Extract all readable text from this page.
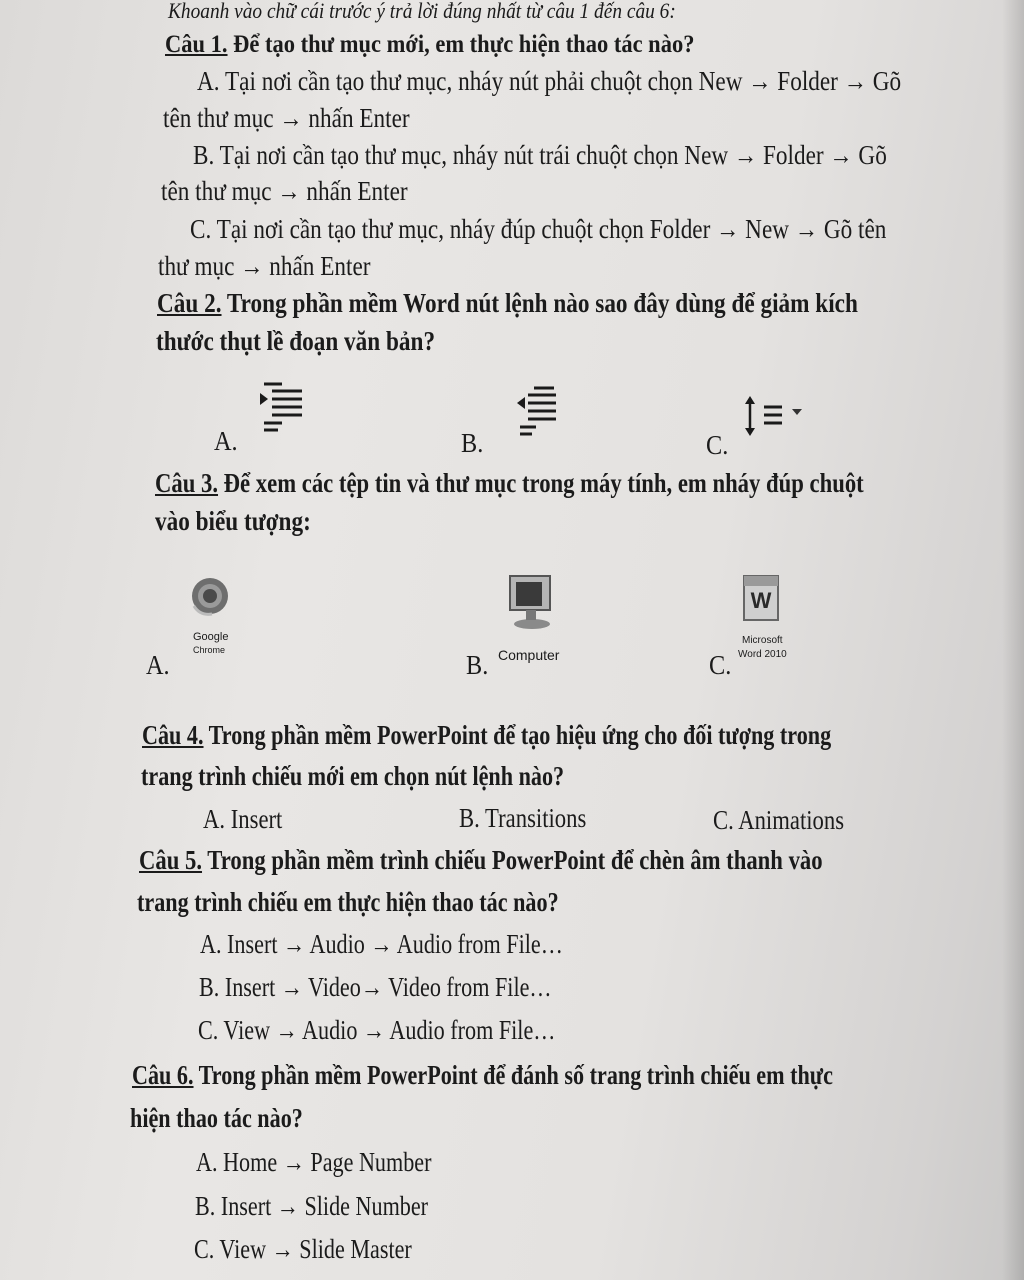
Khoanh vào chữ cái trước ý trả lời đúng nhất từ câu 1 đến câu 6:
Câu 1. Để tạo thư mục mới, em thực hiện thao tác nào?
A. Tại nơi cần tạo thư mục, nháy nút phải chuột chọn New → Folder → Gõ
tên thư mục → nhấn Enter
B. Tại nơi cần tạo thư mục, nháy nút trái chuột chọn New → Folder → Gõ
tên thư mục → nhấn Enter
C. Tại nơi cần tạo thư mục, nháy đúp chuột chọn Folder → New → Gõ tên
thư mục → nhấn Enter
Câu 2. Trong phần mềm Word nút lệnh nào sao đây dùng để giảm kích
thước thụt lề đoạn văn bản?
A.	B.	C.
Câu 3. Để xem các tệp tin và thư mục trong máy tính, em nháy đúp chuột
vào biểu tượng:
Google
Chrome
A.	Computer
B.
W
Microsoft
Word 2010
C.
Câu 4. Trong phần mềm PowerPoint để tạo hiệu ứng cho đối tượng trong
trang trình chiếu mới em chọn nút lệnh nào?
A. Insert	B. Transitions	C. Animations
Câu 5. Trong phần mềm trình chiếu PowerPoint để chèn âm thanh vào
trang trình chiếu em thực hiện thao tác nào?
A. Insert → Audio → Audio from File…
B. Insert → Video→ Video from File…
C. View → Audio → Audio from File…
Câu 6. Trong phần mềm PowerPoint để đánh số trang trình chiếu em thực
hiện thao tác nào?
A. Home → Page Number
B. Insert → Slide Number
C. View → Slide Master
